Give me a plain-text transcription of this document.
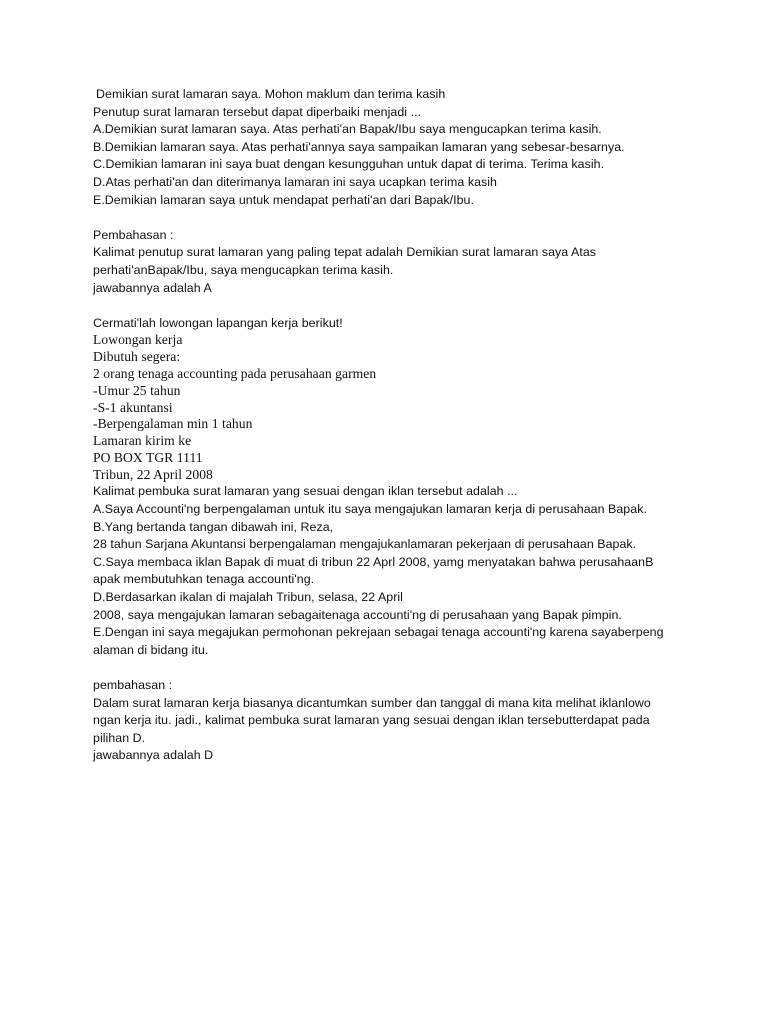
Demikian surat lamaran saya. Mohon maklum dan terima kasih
Penutup surat lamaran tersebut dapat diperbaiki menjadi ...
A.Demikian surat lamaran saya. Atas perhati'an Bapak/Ibu saya mengucapkan terima kasih.
B.Demikian lamaran saya. Atas perhati'annya saya sampaikan lamaran yang sebesar-besarnya.
C.Demikian lamaran ini saya buat dengan kesungguhan untuk dapat di terima. Terima kasih.
D.Atas perhati'an dan diterimanya lamaran ini saya ucapkan terima kasih
E.Demikian lamaran saya untuk mendapat perhati'an dari Bapak/Ibu.
Pembahasan :
Kalimat penutup surat lamaran yang paling tepat adalah Demikian surat lamaran saya Atas
perhati'anBapak/Ibu, saya mengucapkan terima kasih.
jawabannya adalah A
Cermati'lah lowongan lapangan kerja berikut!
Lowongan kerja
Dibutuh segera:
2 orang tenaga accounting pada perusahaan garmen
-Umur 25 tahun
-S-1 akuntansi
-Berpengalaman min 1 tahun
Lamaran kirim ke
PO BOX TGR 1111
Tribun, 22 April 2008
Kalimat pembuka surat lamaran yang sesuai dengan iklan tersebut adalah ...
A.Saya Accounti'ng berpengalaman untuk itu saya mengajukan lamaran kerja di perusahaan Bapak.
B.Yang bertanda tangan dibawah ini, Reza,
28 tahun Sarjana Akuntansi berpengalaman mengajukanlamaran pekerjaan di perusahaan Bapak.
C.Saya membaca iklan Bapak di muat di tribun 22 Aprl 2008, yamg menyatakan bahwa perusahaanB
apak membutuhkan tenaga accounti'ng.
D.Berdasarkan ikalan di majalah Tribun, selasa, 22 April
2008, saya mengajukan lamaran sebagaitenaga accounti'ng di perusahaan yang Bapak pimpin.
E.Dengan ini saya megajukan permohonan pekrejaan sebagai tenaga accounti'ng karena sayaberpeng
alaman di bidang itu.
pembahasan :
Dalam surat lamaran kerja biasanya dicantumkan sumber dan tanggal di mana kita melihat iklanlowo
ngan kerja itu. jadi., kalimat pembuka surat lamaran yang sesuai dengan iklan tersebutterdapat pada
pilihan D.
jawabannya adalah D
